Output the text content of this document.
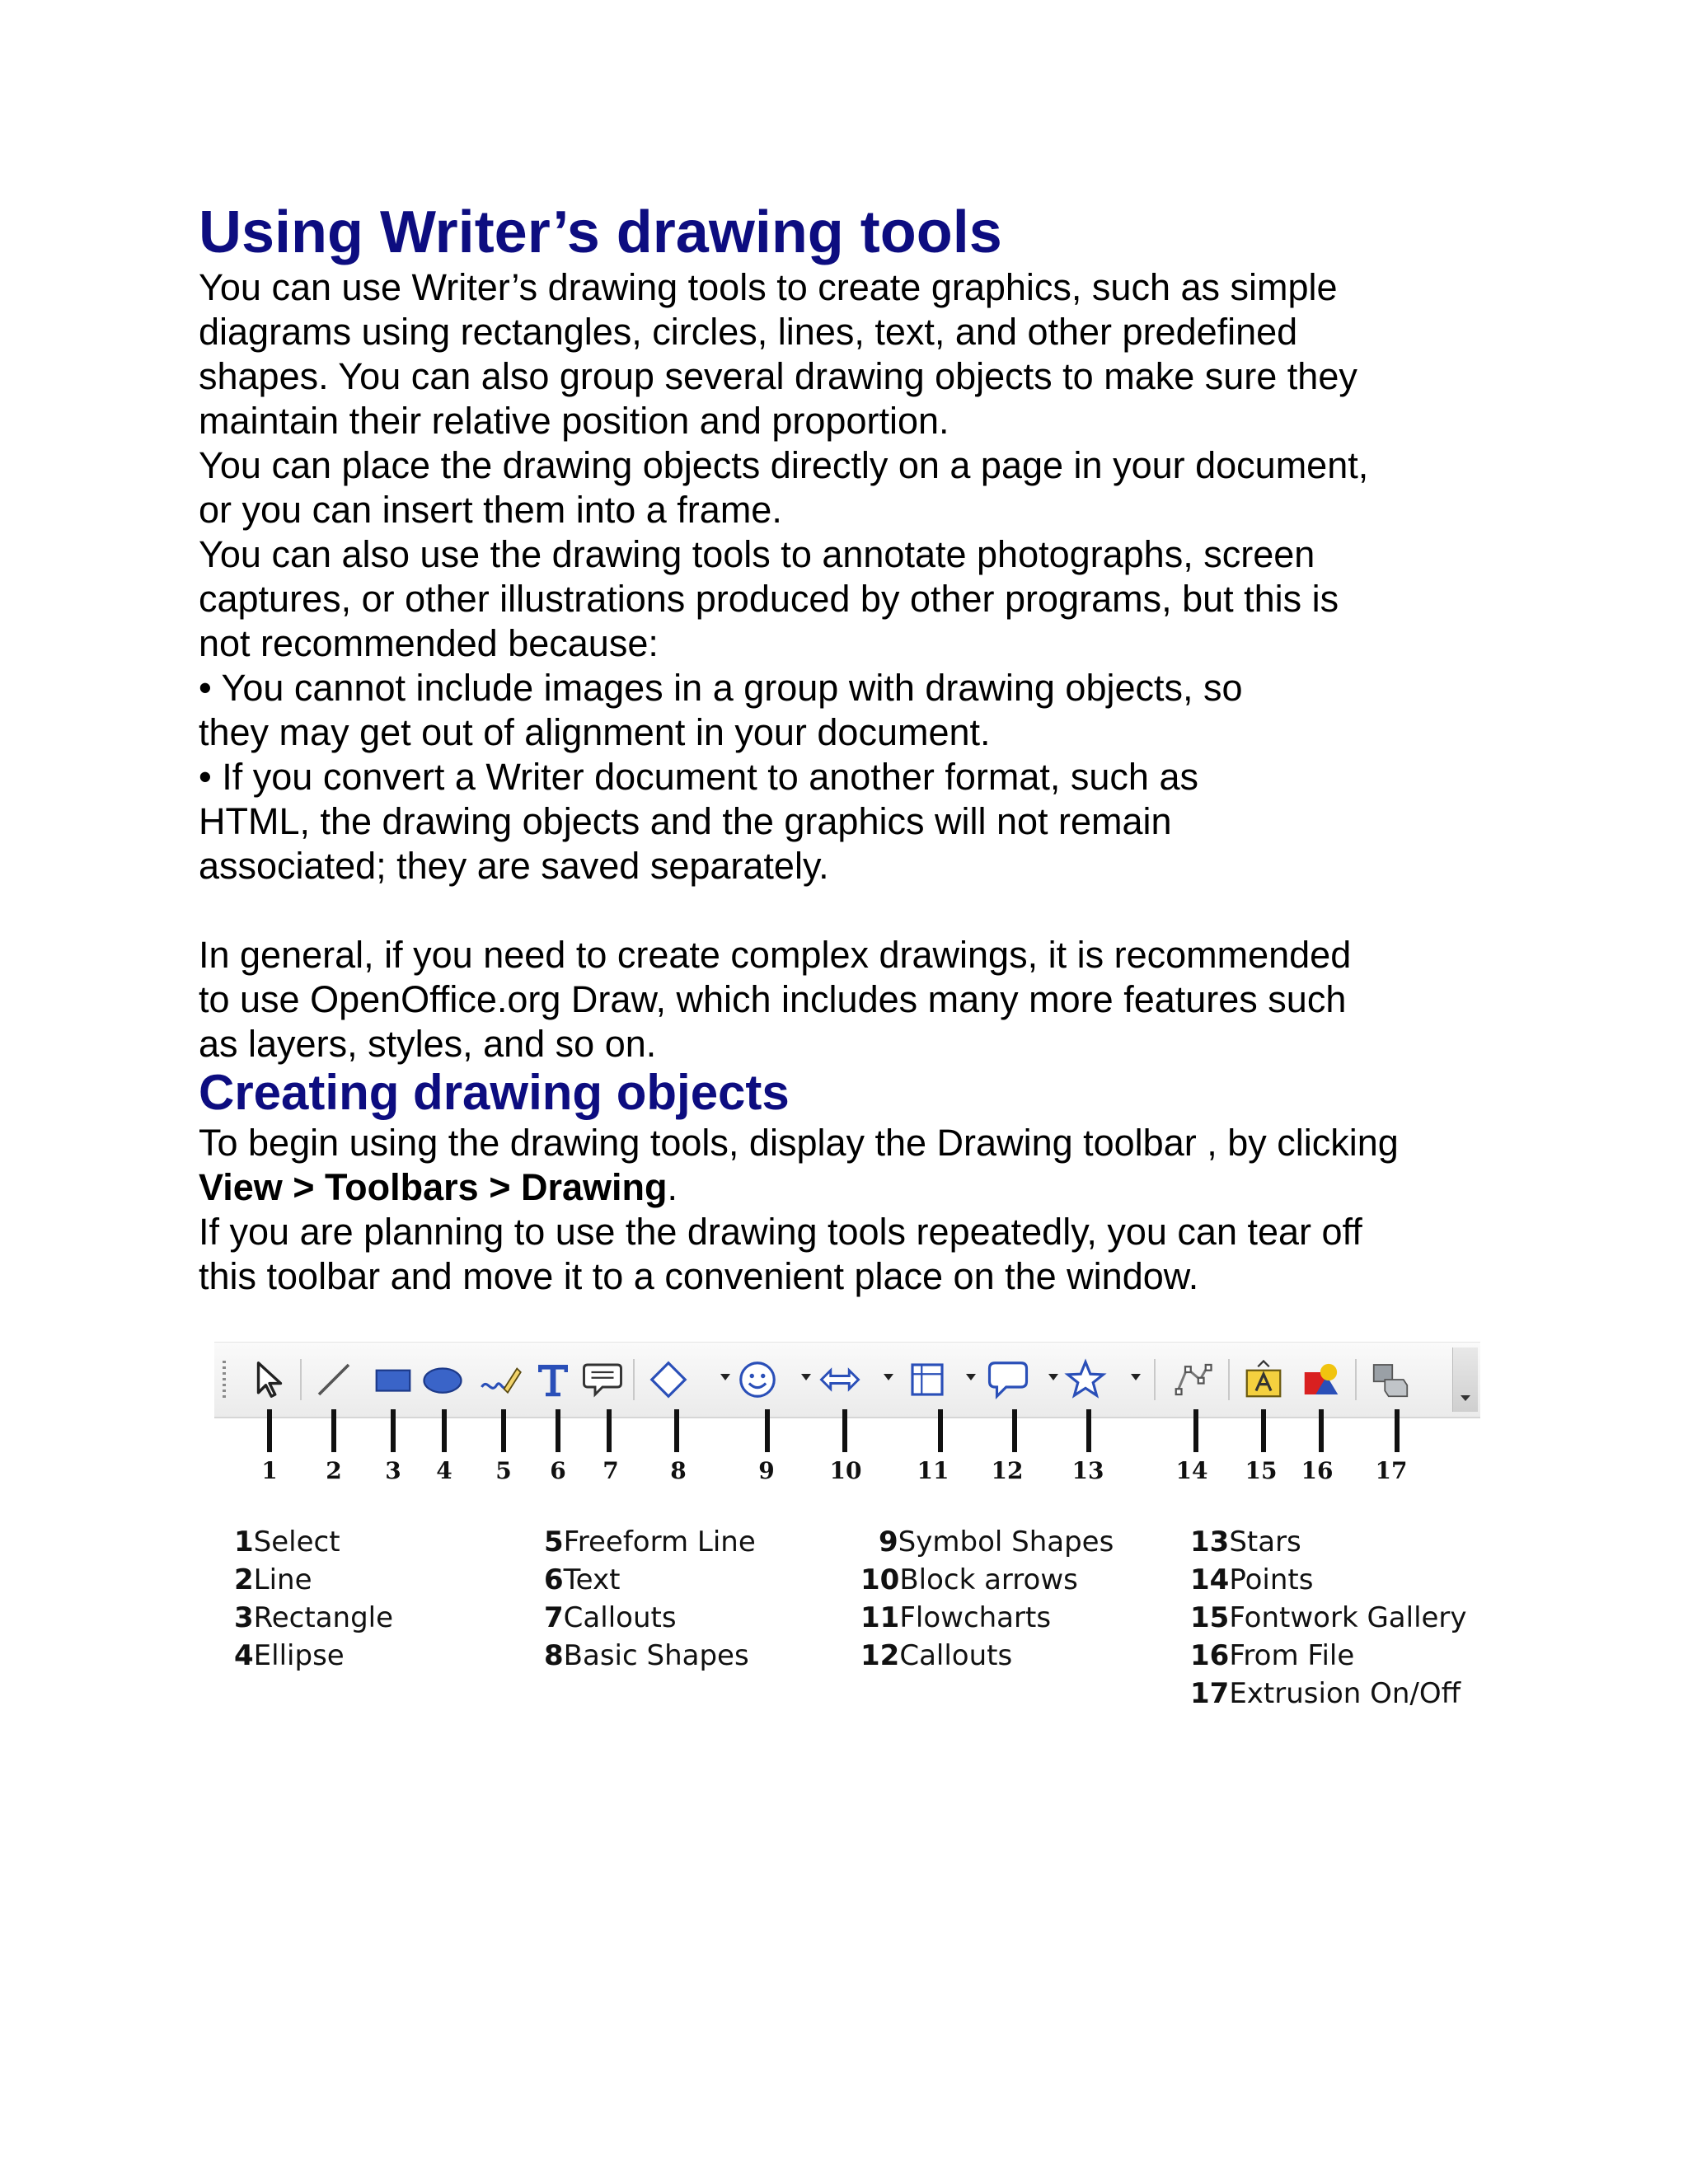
Using Writer’s drawing tools
You can use Writer’s drawing tools to create graphics, such as simple
diagrams using rectangles, circles, lines, text, and other predefined
shapes. You can also group several drawing objects to make sure they
maintain their relative position and proportion.
You can place the drawing objects directly on a page in your document,
or you can insert them into a frame.
You can also use the drawing tools to annotate photographs, screen
captures, or other illustrations produced by other programs, but this is
not recommended because:
• You cannot include images in a group with drawing objects, so
they may get out of alignment in your document.
• If you convert a Writer document to another format, such as
HTML, the drawing objects and the graphics will not remain
associated; they are saved separately.
In general, if you need to create complex drawings, it is recommended
to use OpenOffice.org Draw, which includes many more features such
as layers, styles, and so on.
Creating drawing objects
To begin using the drawing tools, display the Drawing toolbar , by clicking
View > Toolbars > Drawing.
If you are planning to use the drawing tools repeatedly, you can tear off
this toolbar and move it to a convenient place on the window.
1	2	3	4	5	6	7	8	9	10	11	12	13	14	15	16	17
1Select
2Line
3Rectangle
4Ellipse
5Freeform Line
6Text
7Callouts
8Basic Shapes
9Symbol Shapes
10Block arrows
11Flowcharts
12Callouts
13Stars
14Points
15Fontwork Gallery
16From File
17Extrusion On/Off
